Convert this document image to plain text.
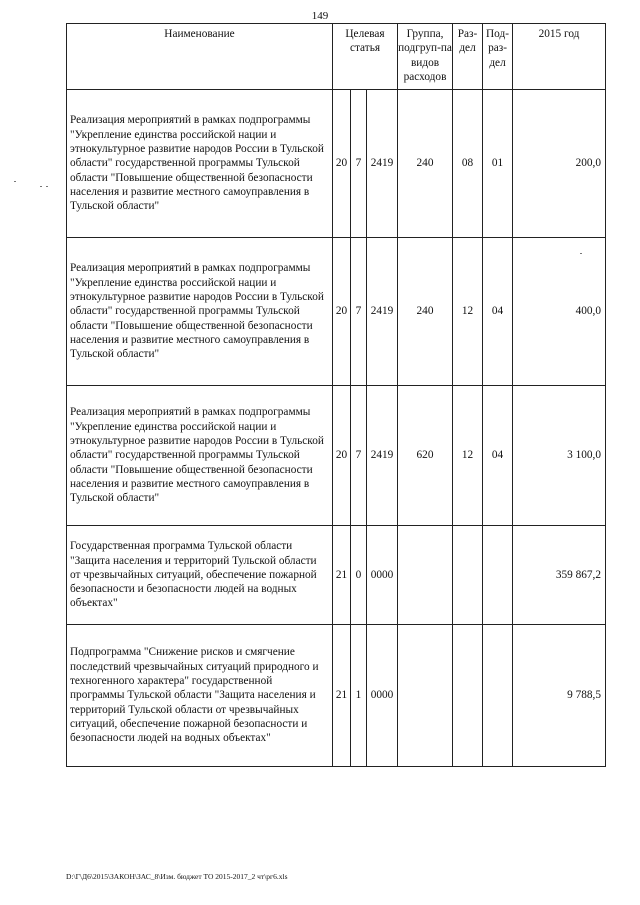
149
Наименование	Целевая статья			Группа, подгруп-па видов расходов	Раз-дел	Под-раз-дел	2015 год
Реализация мероприятий в рамках подпрограммы "Укрепление единства российской нации и этнокультурное развитие народов России в Тульской области" государственной программы Тульской области "Повышение общественной безопасности населения и развитие местного самоуправления в Тульской области"	20	7	2419	240	08	01	200,0
Реализация мероприятий в рамках подпрограммы "Укрепление единства российской нации и этнокультурное развитие народов России в Тульской области" государственной программы Тульской области "Повышение общественной безопасности населения и развитие местного самоуправления в Тульской области"	20	7	2419	240	12	04	400,0
Реализация мероприятий в рамках подпрограммы "Укрепление единства российской нации и этнокультурное развитие народов России в Тульской области" государственной программы Тульской области "Повышение общественной безопасности населения и развитие местного самоуправления в Тульской области"	20	7	2419	620	12	04	3 100,0
Государственная программа Тульской области "Защита населения и территорий Тульской области от чрезвычайных ситуаций, обеспечение пожарной безопасности и безопасности людей на водных объектах"	21	0	0000				359 867,2
Подпрограмма "Снижение рисков и смягчение последствий чрезвычайных ситуаций природного и техногенного характера" государственной программы Тульской области "Защита населения и территорий Тульской области от чрезвычайных ситуаций, обеспечение пожарной безопасности и безопасности людей на водных объектах"	21	1	0000				9 788,5
D:\Г\Д6\2015\ЗАКОН\ЗАС_8\Изм. бюджет ТО 2015-2017_2 чт\рг6.xls
